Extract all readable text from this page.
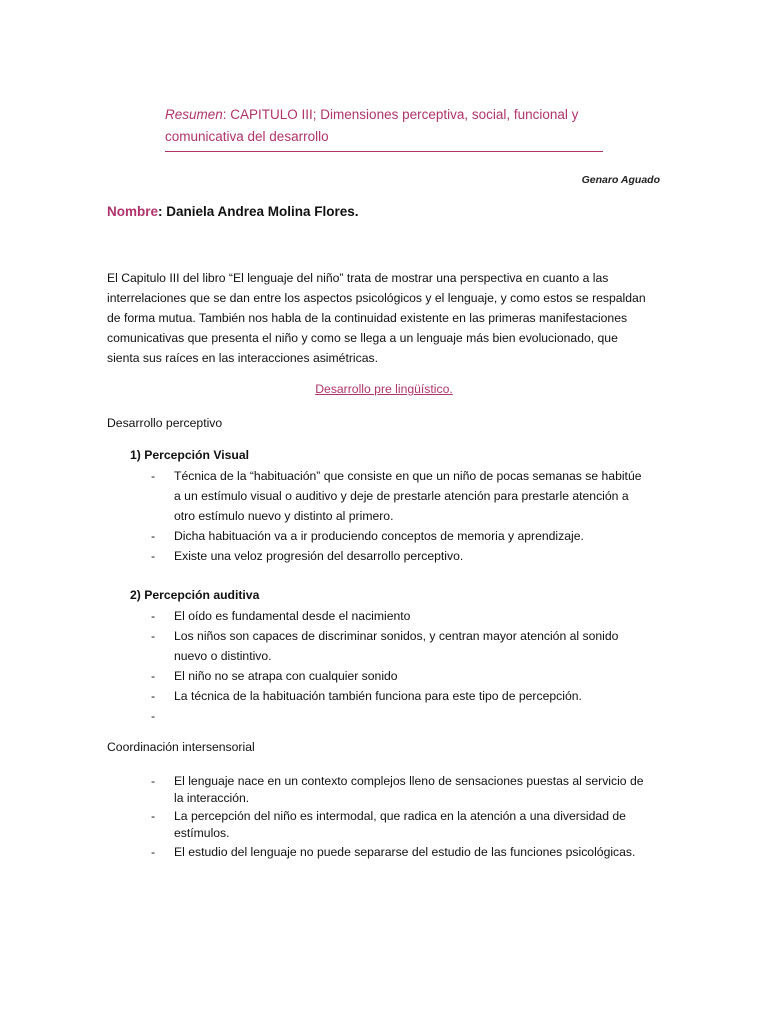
Resumen: CAPITULO III; Dimensiones perceptiva, social, funcional y
comunicativa del desarrollo
Genaro Aguado
Nombre: Daniela Andrea Molina Flores.
El Capitulo III del libro “El lenguaje del niño” trata de mostrar una perspectiva en cuanto a las
interrelaciones que se dan entre los aspectos psicológicos y el lenguaje, y como estos se respaldan
de forma mutua. También nos habla de la continuidad existente en las primeras manifestaciones
comunicativas que presenta el niño y como se llega a un lenguaje más bien evolucionado, que
sienta sus raíces en las interacciones asimétricas.
Desarrollo pre lingüístico.
Desarrollo perceptivo
1) Percepción Visual
- Técnica de la “habituación” que consiste en que un niño de pocas semanas se habitúe
a un estímulo visual o auditivo y deje de prestarle atención para prestarle atención a
otro estímulo nuevo y distinto al primero.
- Dicha habituación va a ir produciendo conceptos de memoria y aprendizaje.
- Existe una veloz progresión del desarrollo perceptivo.
2) Percepción auditiva
- El oído es fundamental desde el nacimiento
- Los niños son capaces de discriminar sonidos, y centran mayor atención al sonido
nuevo o distintivo.
- El niño no se atrapa con cualquier sonido
- La técnica de la habituación también funciona para este tipo de percepción.
-
Coordinación intersensorial
- El lenguaje nace en un contexto complejos lleno de sensaciones puestas al servicio de
la interacción.
- La percepción del niño es intermodal, que radica en la atención a una diversidad de
estímulos.
- El estudio del lenguaje no puede separarse del estudio de las funciones psicológicas.
